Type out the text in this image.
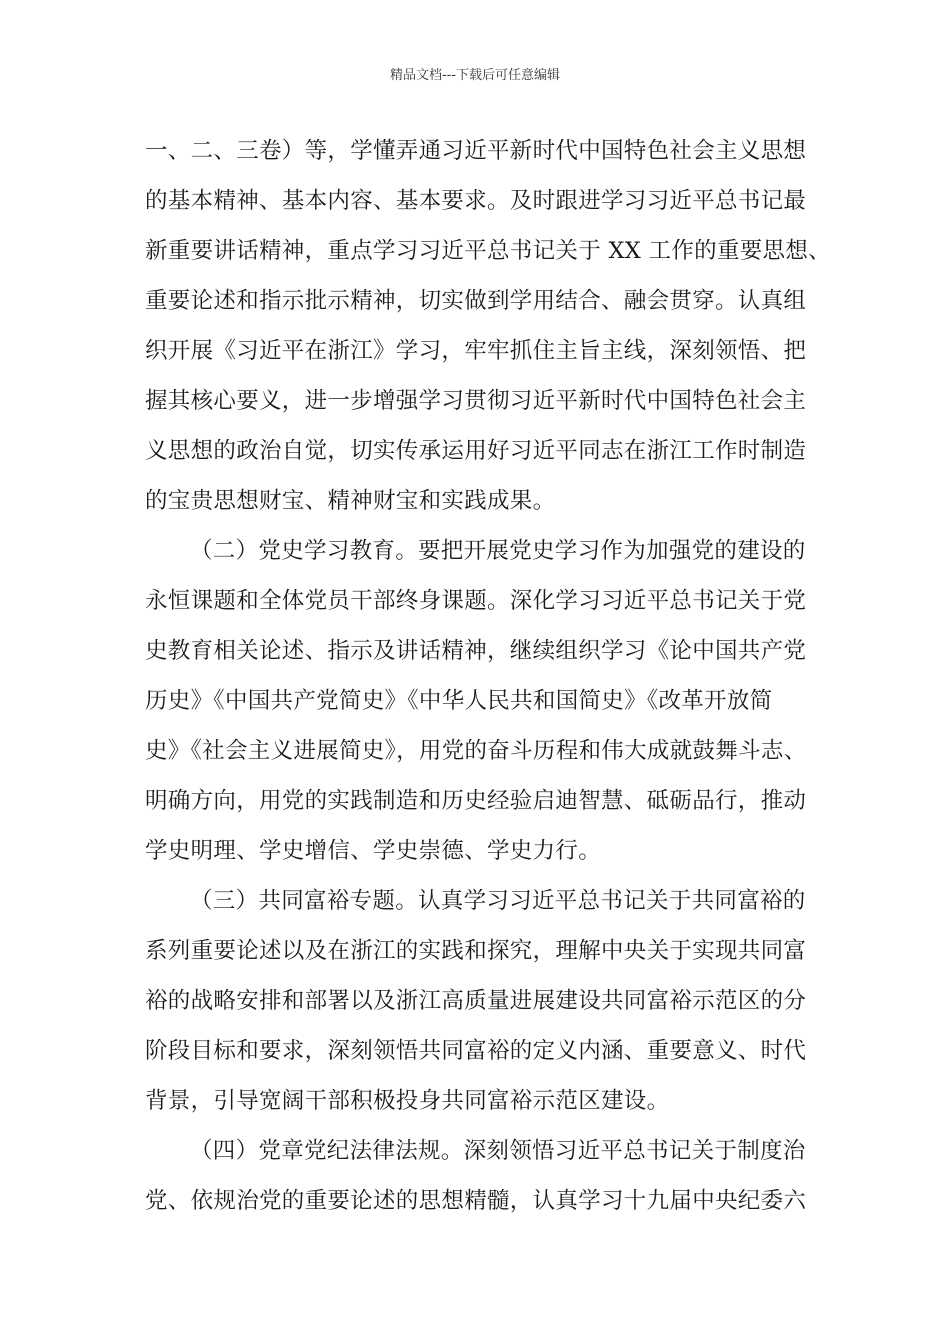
精品文档---下载后可任意编辑
一、二、三卷）等，学懂弄通习近平新时代中国特色社会主义思想
的基本精神、基本内容、基本要求。及时跟进学习习近平总书记最
新重要讲话精神，重点学习习近平总书记关于 XX 工作的重要思想、
重要论述和指示批示精神，切实做到学用结合、融会贯穿。认真组
织开展《习近平在浙江》学习，牢牢抓住主旨主线，深刻领悟、把
握其核心要义，进一步增强学习贯彻习近平新时代中国特色社会主
义思想的政治自觉，切实传承运用好习近平同志在浙江工作时制造
的宝贵思想财宝、精神财宝和实践成果。
（二）党史学习教育。要把开展党史学习作为加强党的建设的
永恒课题和全体党员干部终身课题。深化学习习近平总书记关于党
史教育相关论述、指示及讲话精神，继续组织学习《论中国共产党
历史》《中国共产党简史》《中华人民共和国简史》《改革开放简
史》《社会主义进展简史》，用党的奋斗历程和伟大成就鼓舞斗志、
明确方向，用党的实践制造和历史经验启迪智慧、砥砺品行，推动
学史明理、学史增信、学史崇德、学史力行。
（三）共同富裕专题。认真学习习近平总书记关于共同富裕的
系列重要论述以及在浙江的实践和探究，理解中央关于实现共同富
裕的战略安排和部署以及浙江高质量进展建设共同富裕示范区的分
阶段目标和要求，深刻领悟共同富裕的定义内涵、重要意义、时代
背景，引导宽阔干部积极投身共同富裕示范区建设。
（四）党章党纪法律法规。深刻领悟习近平总书记关于制度治
党、依规治党的重要论述的思想精髓，认真学习十九届中央纪委六
